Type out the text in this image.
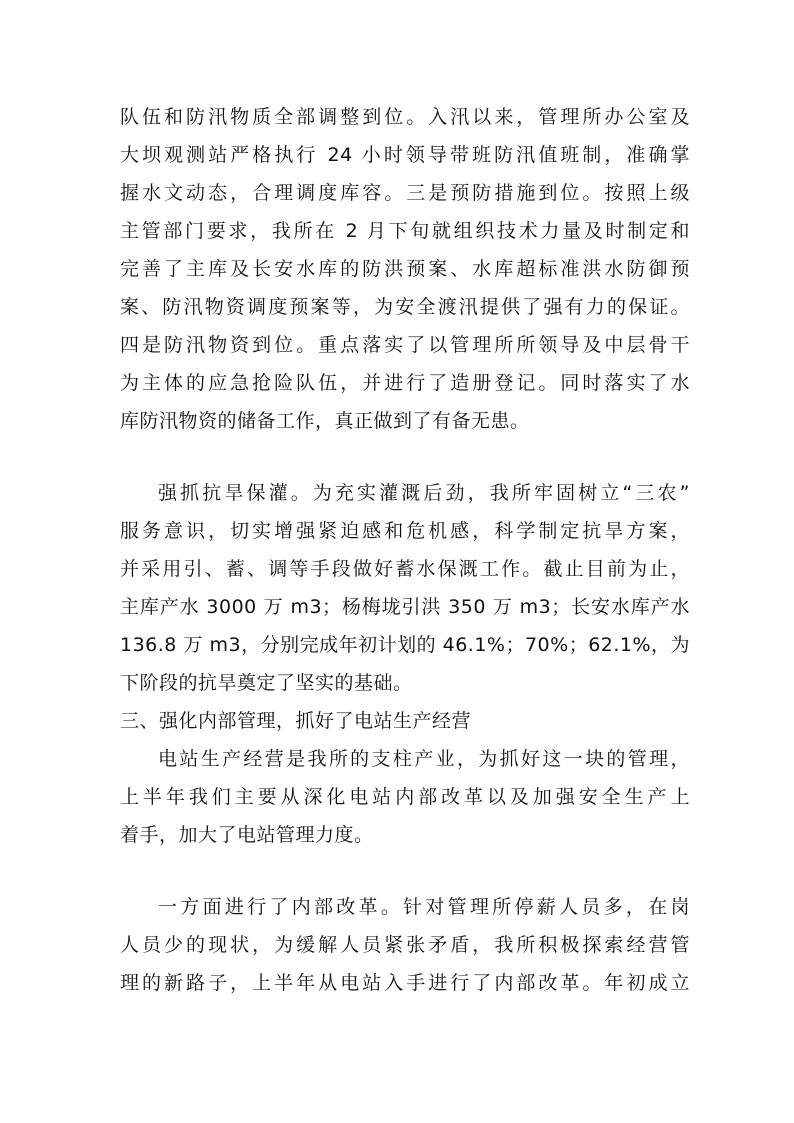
队伍和防汛物质全部调整到位。入汛以来，管理所办公室及
大坝观测站严格执行 24 小时领导带班防汛值班制，准确掌
握水文动态，合理调度库容。三是预防措施到位。按照上级
主管部门要求，我所在 2 月下旬就组织技术力量及时制定和
完善了主库及长安水库的防洪预案、水库超标准洪水防御预
案、防汛物资调度预案等，为安全渡汛提供了强有力的保证。
四是防汛物资到位。重点落实了以管理所所领导及中层骨干
为主体的应急抢险队伍，并进行了造册登记。同时落实了水
库防汛物资的储备工作，真正做到了有备无患。
强抓抗旱保灌。为充实灌溉后劲，我所牢固树立“三农”
服务意识，切实增强紧迫感和危机感，科学制定抗旱方案，
并采用引、蓄、调等手段做好蓄水保溉工作。截止目前为止，
主库产水 3000 万 m3；杨梅垅引洪 350 万 m3；长安水库产水
136.8 万 m3，分别完成年初计划的 46.1%；70%；62.1%，为
下阶段的抗旱奠定了坚实的基础。
三、强化内部管理，抓好了电站生产经营
电站生产经营是我所的支柱产业，为抓好这一块的管理，
上半年我们主要从深化电站内部改革以及加强安全生产上
着手，加大了电站管理力度。
一方面进行了内部改革。针对管理所停薪人员多，在岗
人员少的现状，为缓解人员紧张矛盾，我所积极探索经营管
理的新路子，上半年从电站入手进行了内部改革。年初成立
